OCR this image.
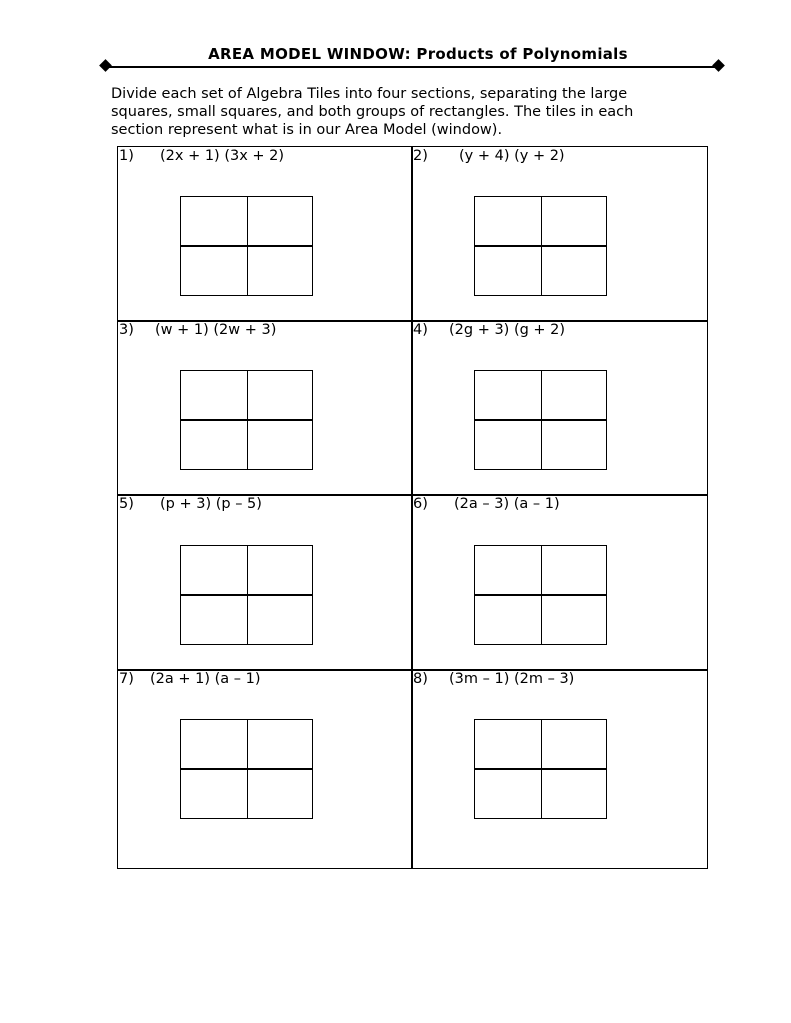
AREA MODEL WINDOW: Products of Polynomials
Divide each set of Algebra Tiles into four sections, separating the large
squares, small squares, and both groups of rectangles. The tiles in each
section represent what is in our Area Model (window).
1) (2x + 1) (3x + 2)	2) (y + 4) (y + 2)
3) (w + 1) (2w + 3)	4) (2g + 3) (g + 2)
5) (p + 3) (p – 5)	6) (2a – 3) (a – 1)
7) (2a + 1) (a – 1)	8) (3m – 1) (2m – 3)
